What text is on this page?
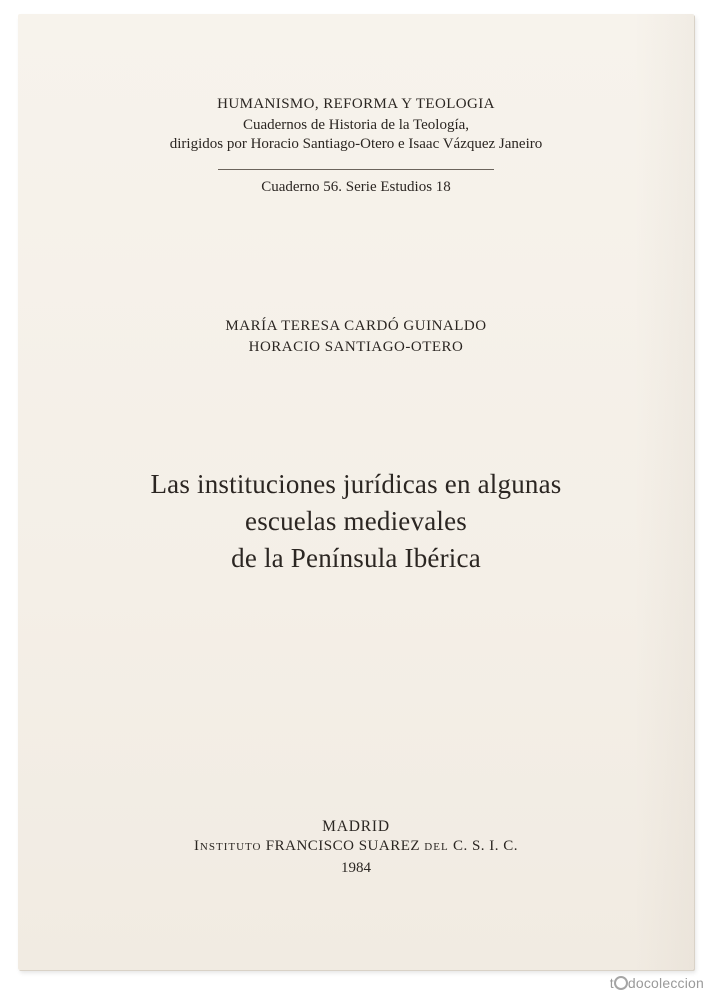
HUMANISMO, REFORMA Y TEOLOGIA
Cuadernos de Historia de la Teología,
dirigidos por Horacio Santiago-Otero e Isaac Vázquez Janeiro
Cuaderno 56. Serie Estudios 18
MARÍA TERESA CARDÓ GUINALDO
HORACIO SANTIAGO-OTERO
Las instituciones jurídicas en algunas
escuelas medievales
de la Península Ibérica
MADRID
Instituto FRANCISCO SUAREZ del C. S. I. C.
1984
t docoleccion
